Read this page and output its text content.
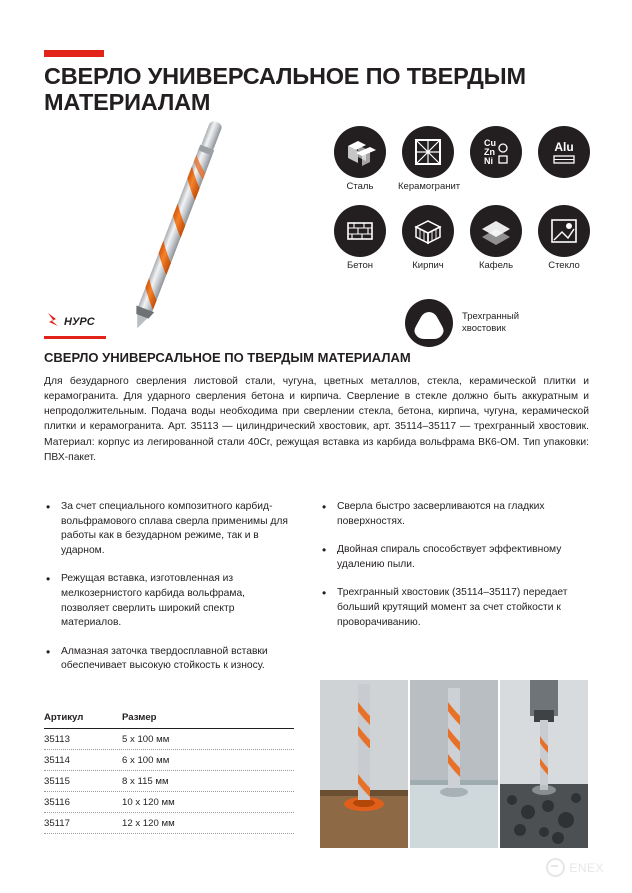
СВЕРЛО УНИВЕРСАЛЬНОЕ ПО ТВЕРДЫМ МАТЕРИАЛАМ
Сталь	Керамогранит
Cu
Zn
Ni
Alu
Бетон	Кирпич	Кафель	Стекло
Трехгранный
хвостовик
НУРС
СВЕРЛО УНИВЕРСАЛЬНОЕ ПО ТВЕРДЫМ МАТЕРИАЛАМ
Для безударного сверления листовой стали, чугуна, цветных металлов, стекла, керамической плитки и керамогранита. Для ударного сверления бетона и кирпича. Сверление в стекле должно быть аккуратным и непродолжительным. Подача воды необходима при сверлении стекла, бетона, кирпича, чугуна, керамической плитки и керамогранита. Арт. 35113 — цилиндрический хвостовик, арт. 35114–35117 — трехгранный хвостовик. Материал: корпус из легированной стали 40Cr, режущая вставка из карбида вольфрама ВК6-ОМ. Тип упаковки: ПВХ-пакет.
• За счет специального композитного карбид-вольфрамового сплава сверла применимы для работы как в безударном режиме, так и в ударном.
• Режущая вставка, изготовленная из мелкозернистого карбида вольфрама, позволяет сверлить широкий спектр материалов.
• Алмазная заточка твердосплавной вставки обеспечивает высокую стойкость к износу.
• Сверла быстро засверливаются на гладких поверхностях.
• Двойная спираль способствует эффективному удалению пыли.
• Трехгранный хвостовик (35114–35117) передает больший крутящий момент за счет стойкости к проворачиванию.
Артикул	Размер
35113	5 x 100 мм
35114	6 x 100 мм
35115	8 x 115 мм
35116	10 x 120 мм
35117	12 x 120 мм
ENEX
